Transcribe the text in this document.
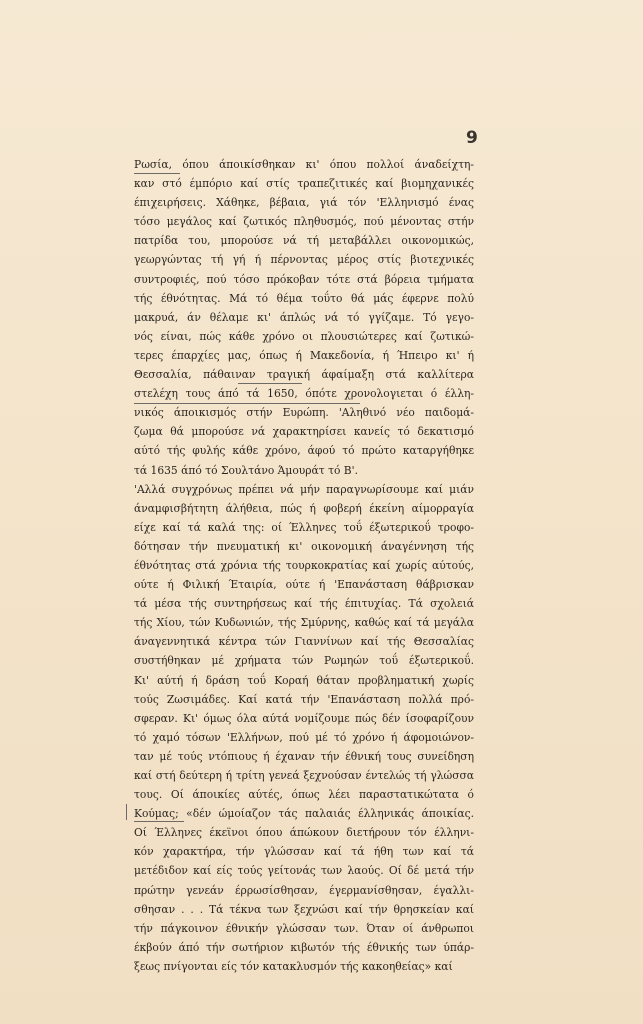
9
Ρωσία, όπου άποικίσθηκαν κι' όπου πολλοί άναδείχτη-
καν στό έμπόριο καί στίς τραπεζιτικές καί βιομηχανικές
έπιχειρήσεις. Χάθηκε, βέβαια, γιά τόν 'Ελληνισμό ένας
τόσο μεγάλος καί ζωτικός πληθυσμός, πού μένοντας στήν
πατρίδα του, μπορούσε νά τή μεταβάλλει οικονομικώς,
γεωργώντας τή γή ή πέρνοντας μέρος στίς βιοτεχνικές
συντροφιές, πού τόσο πρόκοβαν τότε στά βόρεια τμήματα
τής έθνότητας. Μά τό θέμα τοΰτο θά μάς έφερνε πολύ
μακρυά, άν θέλαμε κι' άπλώς νά τό γγίζαμε. Τό γεγο-
νός είναι, πώς κάθε χρόνο οι πλουσιώτερες καί ζωτικώ-
τερες έπαρχίες μας, όπως ή Μακεδονία, ή Ήπειρο κι' ή
Θεσσαλία, πάθαιναν τραγική άφαίμαξη στά καλλίτερα
στελέχη τους άπό τά 1650, όπότε χρονολογιεται ό έλλη-
νικός άποικισμός στήν Ευρώπη. 'Αληθινό νέο παιδομά-
ζωμα θά μπορούσε νά χαρακτηρίσει κανείς τό δεκατισμό
αύτό τής φυλής κάθε χρόνο, άφού τό πρώτο καταργήθηκε
τά 1635 άπό τό Σουλτάνο Άμουράτ τό Β'.
'Αλλά συγχρόνως πρέπει νά μήν παραγνωρίσουμε καί μιάν
άναμφισβήτητη άλήθεια, πώς ή φοβερή έκείνη αίμορραγία
είχε καί τά καλά της: οί Έλληνες τοΰ έξωτερικοΰ τροφο-
δότησαν τήν πνευματική κι' οικονομική άναγέννηση τής
έθνότητας στά χρόνια τής τουρκοκρατίας καί χωρίς αύτούς,
ούτε ή Φιλική Έταιρία, ούτε ή 'Επανάσταση θάβρισκαν
τά μέσα τής συντηρήσεως καί τής έπιτυχίας. Τά σχολειά
τής Χίου, τών Κυδωνιών, τής Σμύρνης, καθώς καί τά μεγάλα
άναγεννητικά κέντρα τών Γιαννίνων καί τής Θεσσαλίας
συστήθηκαν μέ χρήματα τών Ρωμηών τοΰ έξωτερικοΰ.
Κι' αύτή ή δράση τοΰ Κοραή θάταν προβληματική χωρίς
τούς Ζωσιμάδες. Καί κατά τήν 'Επανάσταση πολλά πρό-
σφεραν. Κι' όμως όλα αύτά νομίζουμε πώς δέν ίσοφαρίζουν
τό χαμό τόσων 'Ελλήνων, πού μέ τό χρόνο ή άφομοιώνον-
ταν μέ τούς ντόπιους ή έχαναν τήν έθνική τους συνείδηση
καί στή δεύτερη ή τρίτη γενεά ξεχνούσαν έντελώς τή γλώσσα
τους. Οί άποικίες αύτές, όπως λέει παραστατικώτατα ό
Κούμας; «δέν ώμοίαζον τάς παλαιάς έλληνικάς άποικίας.
Οί Έλληνες έκεϊνοι όπου άπώκουν διετήρουν τόν έλληνι-
κόν χαρακτήρα, τήν γλώσσαν καί τά ήθη των καί τά
μετέδιδον καί είς τούς γείτονάς των λαούς. Οί δέ μετά τήν
πρώτην γενεάν έρρωσίσθησαν, έγερμανίσθησαν, έγαλλι-
σθησαν . . . Τά τέκνα των ξεχνώσι καί τήν θρησκείαν καί
τήν πάγκοινον έθνικήν γλώσσαν των. Όταν οί άνθρωποι
έκβούν άπό τήν σωτήριον κιβωτόν τής έθνικής των ύπάρ-
ξεως πνίγονται είς τόν κατακλυσμόν τής κακοηθείας» καί
